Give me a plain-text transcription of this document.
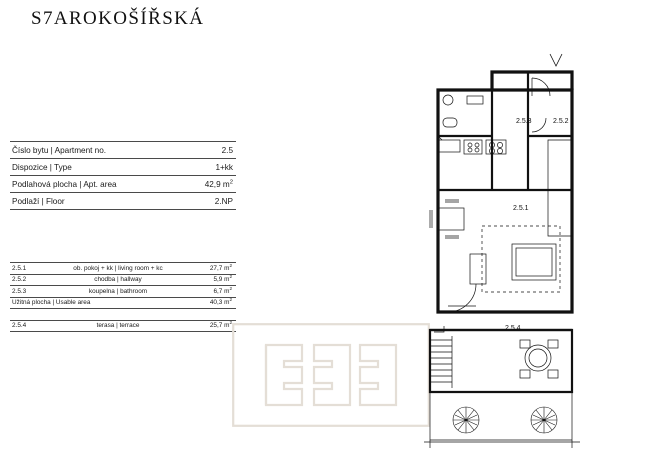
S7AROKOŠÍŘSKÁ
Číslo bytu | Apartment no.	2.5
Dispozice | Type	1+kk
Podlahová plocha | Apt. area	42,9 $m^2$
Podlaží | Floor	2.NP
2.5.1	ob. pokoj + kk | living room + kc	27,7 $m^2$
2.5.2	chodba | hallway	5,9 $m^2$
2.5.3	koupelna | bathroom	6,7 $m^2$
Užitná plocha | Usable area		40,3 $m^2$

2.5.4	terasa | terrace	25,7 $m^2$
2.5.3	2.5.2
2.5.1
2.5.4
